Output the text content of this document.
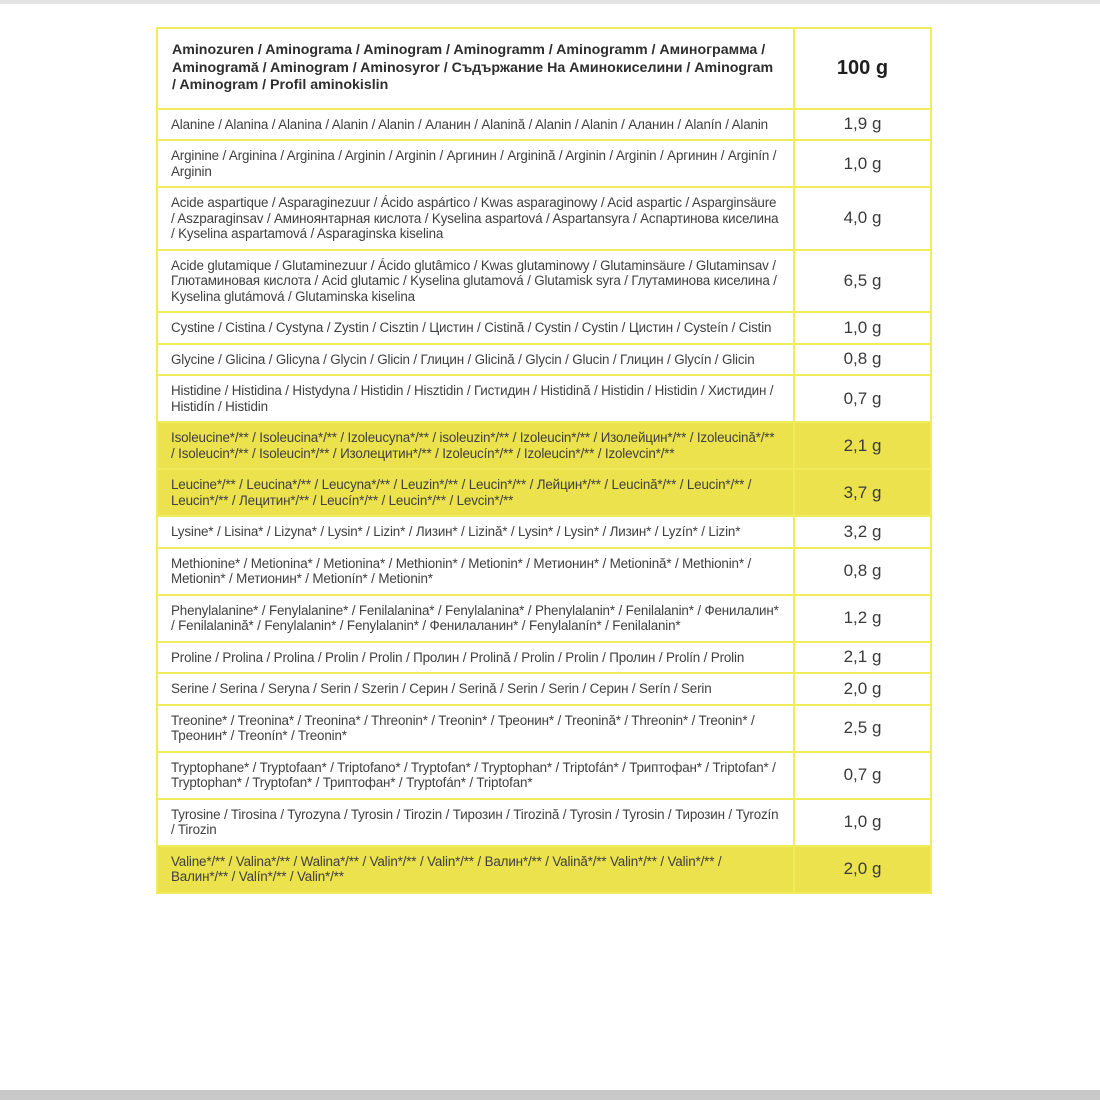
Aminozuren / Aminograma / Aminogram / Aminogramm / Aminogramm / Аминограмма / Aminogramă / Aminogram / Aminosyror / Съдържание На Аминокиселини / Aminogram / Aminogram / Profil aminokislin	100 g
Alanine / Alanina / Alanina / Alanin / Alanin / Аланин / Alanină / Alanin / Alanin / Аланин / Alanín / Alanin	1,9 g
Arginine / Arginina / Arginina / Arginin / Arginin / Аргинин / Arginină / Arginin / Arginin / Аргинин / Arginín / Arginin	1,0 g
Acide aspartique / Asparaginezuur / Ácido aspártico / Kwas asparaginowy / Acid aspartic / Asparginsäure / Aszparaginsav / Аминоянтарная кислота / Kyselina aspartová / Aspartansyra / Аспартинова киселина / Kyselina aspartamová / Asparaginska kiselina	4,0 g
Acide glutamique / Glutaminezuur / Ácido glutâmico / Kwas glutaminowy / Glutaminsäure / Glutaminsav / Глютаминовая кислота / Acid glutamic / Kyselina glutamová / Glutamisk syra / Глутаминова киселина / Kyselina glutámová / Glutaminska kiselina	6,5 g
Cystine / Cistina / Cystyna / Zystin / Cisztin / Цистин / Cistină / Cystin / Cystin / Цистин / Cysteín / Cistin	1,0 g
Glycine / Glicina / Glicyna / Glycin / Glicin / Глицин / Glicină / Glycin / Glucin / Глицин / Glycín / Glicin	0,8 g
Histidine / Histidina / Histydyna / Histidin / Hisztidin / Гистидин / Histidină / Histidin / Histidin / Хистидин / Histidín / Histidin	0,7 g
Isoleucine*/** / Isoleucina*/** / Izoleucyna*/** / isoleuzin*/** / Izoleucin*/** / Изолейцин*/** / Izoleucină*/** / Isoleucin*/** / Isoleucin*/** / Изолецитин*/** / Izoleucín*/** / Izoleucin*/** / Izolevcin*/**	2,1 g
Leucine*/** / Leucina*/** / Leucyna*/** / Leuzin*/** / Leucin*/** / Лейцин*/** / Leucină*/** / Leucin*/** / Leucin*/** / Лецитин*/** / Leucín*/** / Leucin*/** / Levcin*/**	3,7 g
Lysine* / Lisina* / Lizyna* / Lysin* / Lizin* / Лизин* / Lizină* / Lysin* / Lysin* / Лизин* / Lyzín* / Lizin*	3,2 g
Methionine* / Metionina* / Metionina* / Methionin* / Metionin* / Метионин* / Metionină* / Methionin* / Metionin* / Метионин* / Metionín* / Metionin*	0,8 g
Phenylalanine* / Fenylalanine* / Fenilalanina* / Fenylalanina* / Phenylalanin* / Fenilalanin* / Фенилалин* / Fenilalanină* / Fenylalanin* / Fenylalanin* / Фенилаланин* / Fenylalanín* / Fenilalanin*	1,2 g
Proline / Prolina / Prolina / Prolin / Prolin / Пролин / Prolină / Prolin / Prolin / Пролин / Prolín / Prolin	2,1 g
Serine / Serina / Seryna / Serin / Szerin / Серин / Serină / Serin / Serin / Серин / Serín / Serin	2,0 g
Treonine* / Treonina* / Treonina* / Threonin* / Treonin* / Треонин* / Treonină* / Threonin* / Treonin* / Треонин* / Treonín* / Treonin*	2,5 g
Tryptophane* / Tryptofaan* / Triptofano* / Tryptofan* / Tryptophan* / Triptofán* / Триптофан* / Triptofan* / Tryptophan* / Tryptofan* / Триптофан* / Tryptofán* / Triptofan*	0,7 g
Tyrosine / Tirosina / Tyrozyna / Tyrosin / Tirozin / Тирозин / Tirozină / Tyrosin / Tyrosin / Тирозин / Tyrozín / Tirozin	1,0 g
Valine*/** / Valina*/** / Walina*/** / Valin*/** / Valin*/** / Валин*/** / Valină*/** Valin*/** / Valin*/** / Валин*/** / Valín*/** / Valin*/**	2,0 g
